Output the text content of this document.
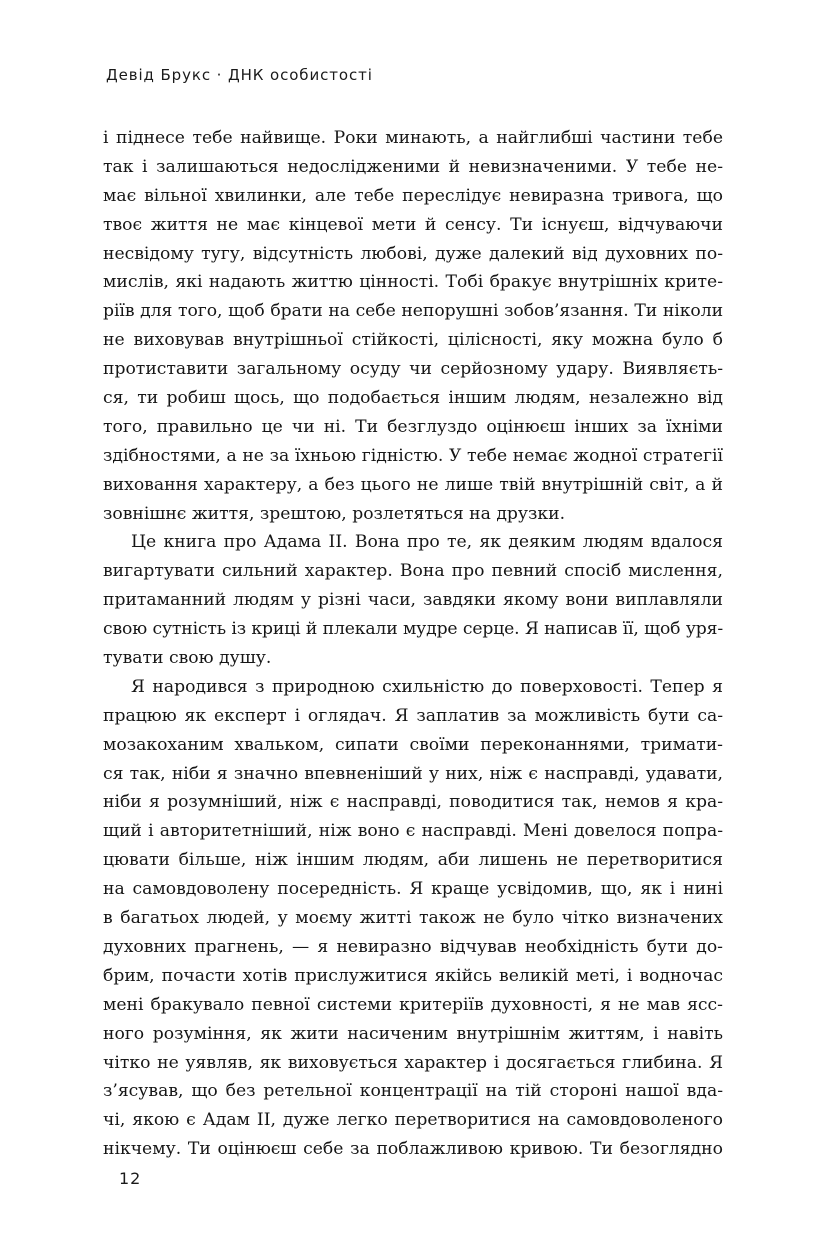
Девід Брукс · ДНК особистості
і піднесе тебе найвище. Роки минають, а найглибші частини тебе
так і залишаються недослідженими й невизначеними. У тебе не-
має вільної хвилинки, але тебе переслідує невиразна тривога, що
твоє життя не має кінцевої мети й сенсу. Ти існуєш, відчуваючи
несвідому тугу, відсутність любові, дуже далекий від духовних по-
мислів, які надають життю цінності. Тобі бракує внутрішніх крите-
ріїв для того, щоб брати на себе непорушні зобов’язання. Ти ніколи
не виховував внутрішньої стійкості, цілісності, яку можна було б
протиставити загальному осуду чи серйозному удару. Виявляєть-
ся, ти робиш щось, що подобається іншим людям, незалежно від
того, правильно це чи ні. Ти безглуздо оцінюєш інших за їхніми
здібностями, а не за їхньою гідністю. У тебе немає жодної стратегії
виховання характеру, а без цього не лише твій внутрішній світ, а й
зовнішнє життя, зрештою, розлетяться на друзки.
Це книга про Адама ІІ. Вона про те, як деяким людям вдалося
вигартувати сильний характер. Вона про певний спосіб мислення,
притаманний людям у різні часи, завдяки якому вони виплавляли
свою сутність із криці й плекали мудре серце. Я написав її, щоб уря-
тувати свою душу.
Я народився з природною схильністю до поверховості. Тепер я
працюю як експерт і оглядач. Я заплатив за можливість бути са-
мозакоханим хвальком, сипати своїми переконаннями, тримати-
ся так, ніби я значно впевненіший у них, ніж є насправді, удавати,
ніби я розумніший, ніж є насправді, поводитися так, немов я кра-
щий і авторитетніший, ніж воно є насправді. Мені довелося попра-
цювати більше, ніж іншим людям, аби лишень не перетворитися
на самовдоволену посередність. Я краще усвідомив, що, як і нині
в багатьох людей, у моєму житті також не було чітко визначених
духовних прагнень, — я невиразно відчував необхідність бути до-
брим, почасти хотів прислужитися якійсь великій меті, і водночас
мені бракувало певної системи критеріїв духовності, я не мав ясс-
ного розуміння, як жити насиченим внутрішнім життям, і навіть
чітко не уявляв, як виховується характер і досягається глибина. Я
з’ясував, що без ретельної концентрації на тій стороні нашої вда-
чі, якою є Адам ІІ, дуже легко перетворитися на самовдоволеного
нікчему. Ти оцінюєш себе за поблажливою кривою. Ти безоглядно
12
